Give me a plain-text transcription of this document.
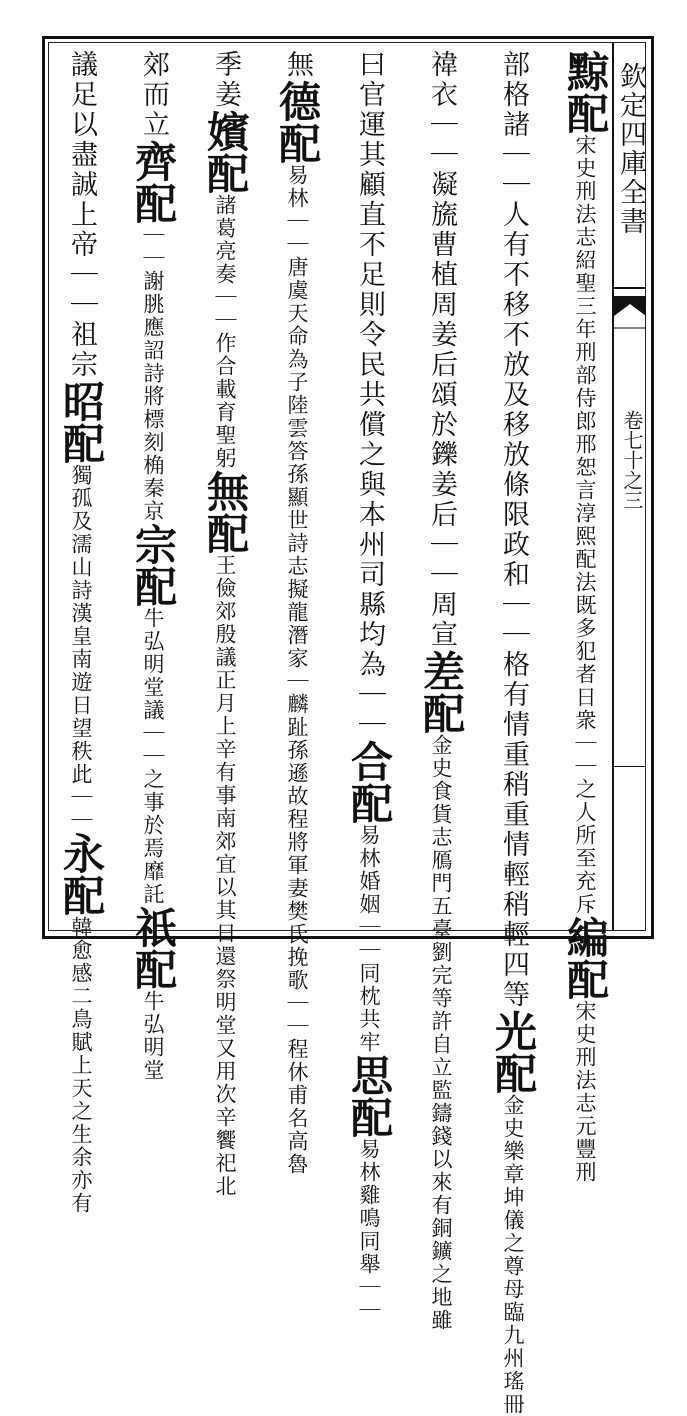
欽定四庫全書
卷七十之三
黥配宋史刑法志紹聖三年刑部侍郎邢恕言淳熙配法既多犯者日衆｜｜之人所至充斥編配宋史刑法志元豐刑
部格諸｜｜人有不移不放及移放條限政和｜｜格有情重稍重情輕稍輕四等光配金史樂章坤儀之尊母臨九州瑤冊
禕衣｜｜凝旒曹植周姜后頌於鑠姜后｜｜周宣差配金史食貨志鴈門五臺劉完等許自立監鑄錢以來有銅鑛之地雖
曰官運其顧直不足則令民共償之與本州司縣均為｜｜合配易林婚姻｜｜同枕共牢思配易林雞鳴同舉｜｜
無德配易林｜｜唐虞天命為子陸雲答孫顯世詩志擬龍潛家｜麟趾孫遜故程將軍妻樊氏挽歌｜｜程休甫名高魯
季姜嬪配諸葛亮奏｜｜作合載育聖躬無配王儉郊殷議正月上辛有事南郊宜以其日還祭明堂又用次辛饗祀北
郊而立齊配｜｜謝朓應詔詩將標刻桷秦京宗配牛弘明堂議｜｜之事於焉靡託祇配牛弘明堂
議足以盡誠上帝｜｜祖宗昭配獨孤及濡山詩漢皇南遊日望秩此｜｜永配韓愈感二鳥賦上天之生余亦有
